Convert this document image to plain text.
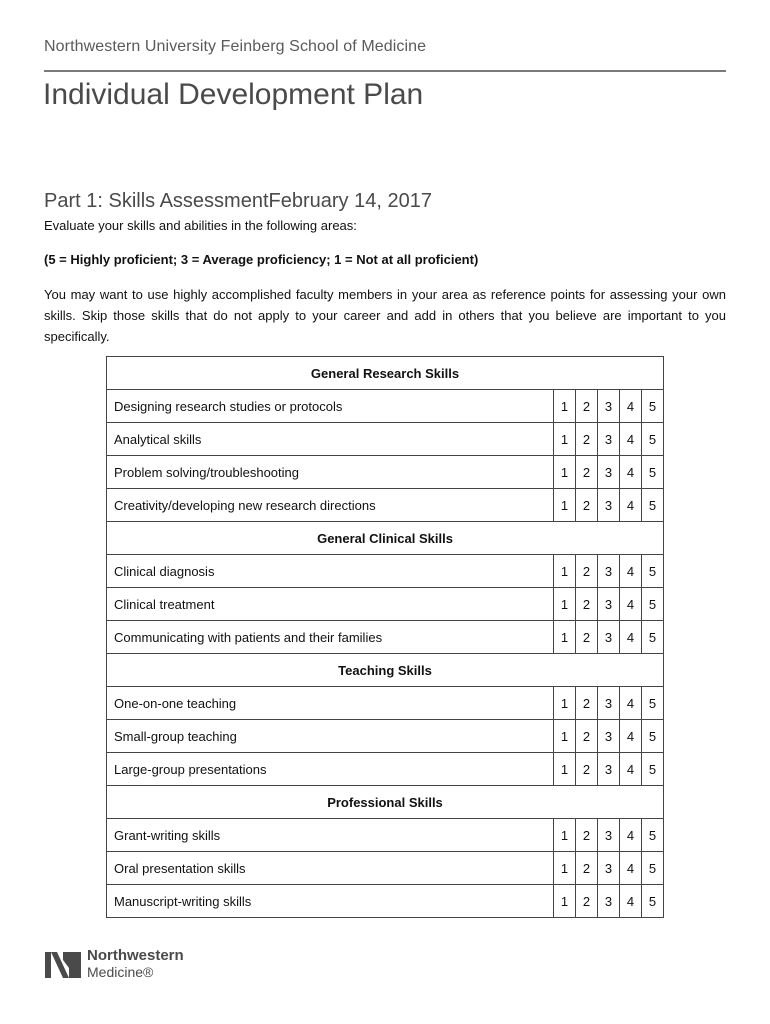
Northwestern University Feinberg School of Medicine
Individual Development Plan
Part 1: Skills AssessmentFebruary 14, 2017
Evaluate your skills and abilities in the following areas:
(5 = Highly proficient; 3 = Average proficiency; 1 = Not at all proficient)
You may want to use highly accomplished faculty members in your area as reference points for assessing your own skills. Skip those skills that do not apply to your career and add in others that you believe are important to you specifically.
General Research Skills					
Designing research studies or protocols	1	2	3	4	5
Analytical skills	1	2	3	4	5
Problem solving/troubleshooting	1	2	3	4	5
Creativity/developing new research directions	1	2	3	4	5
General Clinical Skills					
Clinical diagnosis	1	2	3	4	5
Clinical treatment	1	2	3	4	5
Communicating with patients and their families	1	2	3	4	5
Teaching Skills					
One-on-one teaching	1	2	3	4	5
Small-group teaching	1	2	3	4	5
Large-group presentations	1	2	3	4	5
Professional Skills					
Grant-writing skills	1	2	3	4	5
Oral presentation skills	1	2	3	4	5
Manuscript-writing skills	1	2	3	4	5
Northwestern
Medicine®
